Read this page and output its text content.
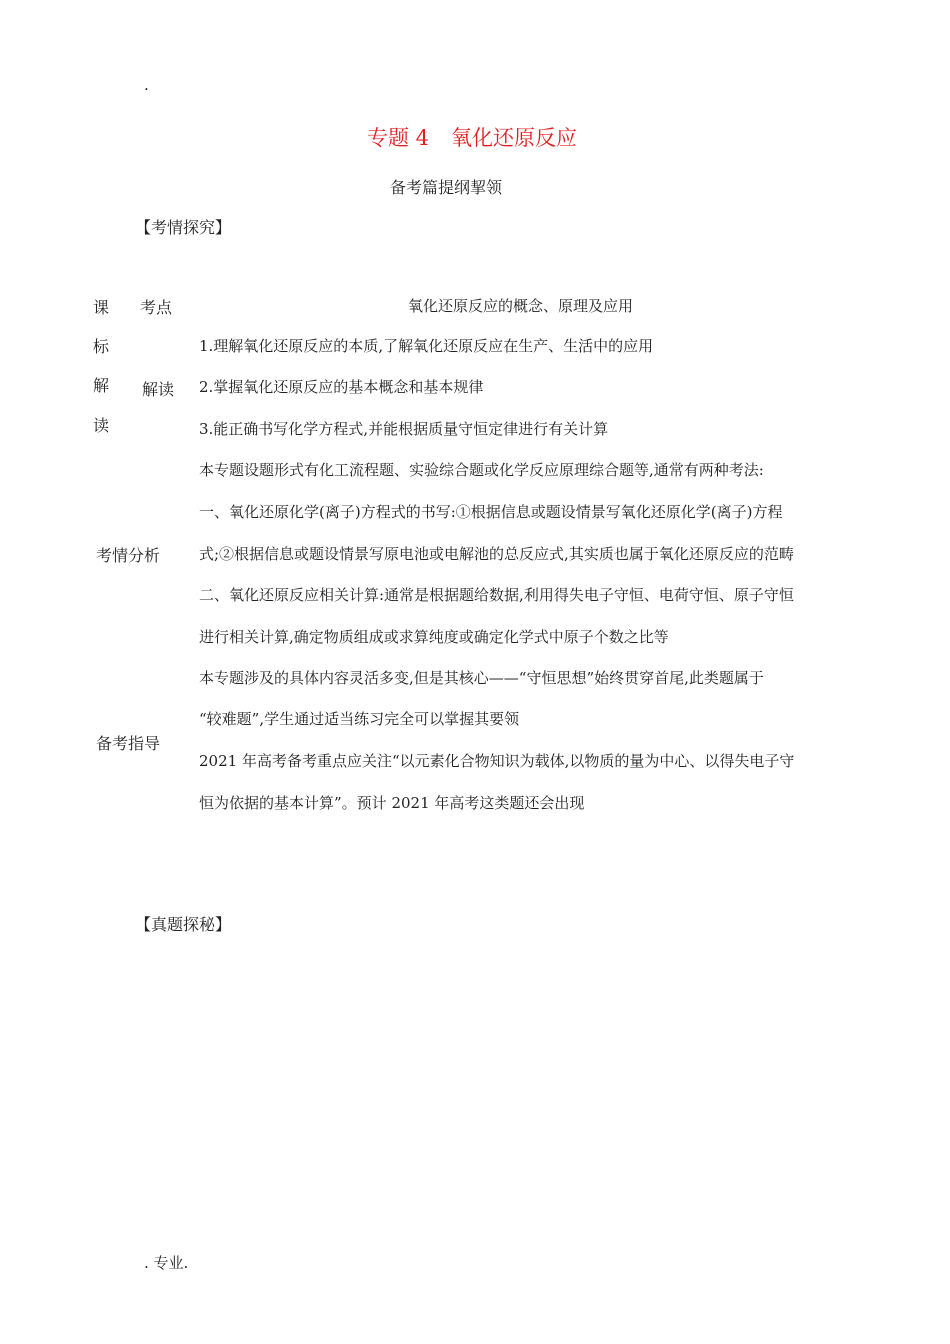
.
专题 4 氧化还原反应
备考篇提纲挈领
【考情探究】
课
标
解
读
考点	氧化还原反应的概念、原理及应用
解读
1.理解氧化还原反应的本质,了解氧化还原反应在生产、生活中的应用
2.掌握氧化还原反应的基本概念和基本规律
3.能正确书写化学方程式,并能根据质量守恒定律进行有关计算
考情分析
本专题设题形式有化工流程题、实验综合题或化学反应原理综合题等,通常有两种考法:
一、氧化还原化学(离子)方程式的书写:①根据信息或题设情景写氧化还原化学(离子)方程
式;②根据信息或题设情景写原电池或电解池的总反应式,其实质也属于氧化还原反应的范畴
二、氧化还原反应相关计算:通常是根据题给数据,利用得失电子守恒、电荷守恒、原子守恒
进行相关计算,确定物质组成或求算纯度或确定化学式中原子个数之比等
备考指导
本专题涉及的具体内容灵活多变,但是其核心——“守恒思想”始终贯穿首尾,此类题属于
“较难题”,学生通过适当练习完全可以掌握其要领
2021 年高考备考重点应关注“以元素化合物知识为载体,以物质的量为中心、以得失电子守
恒为依据的基本计算”。预计 2021 年高考这类题还会出现
【真题探秘】
. 专业.
